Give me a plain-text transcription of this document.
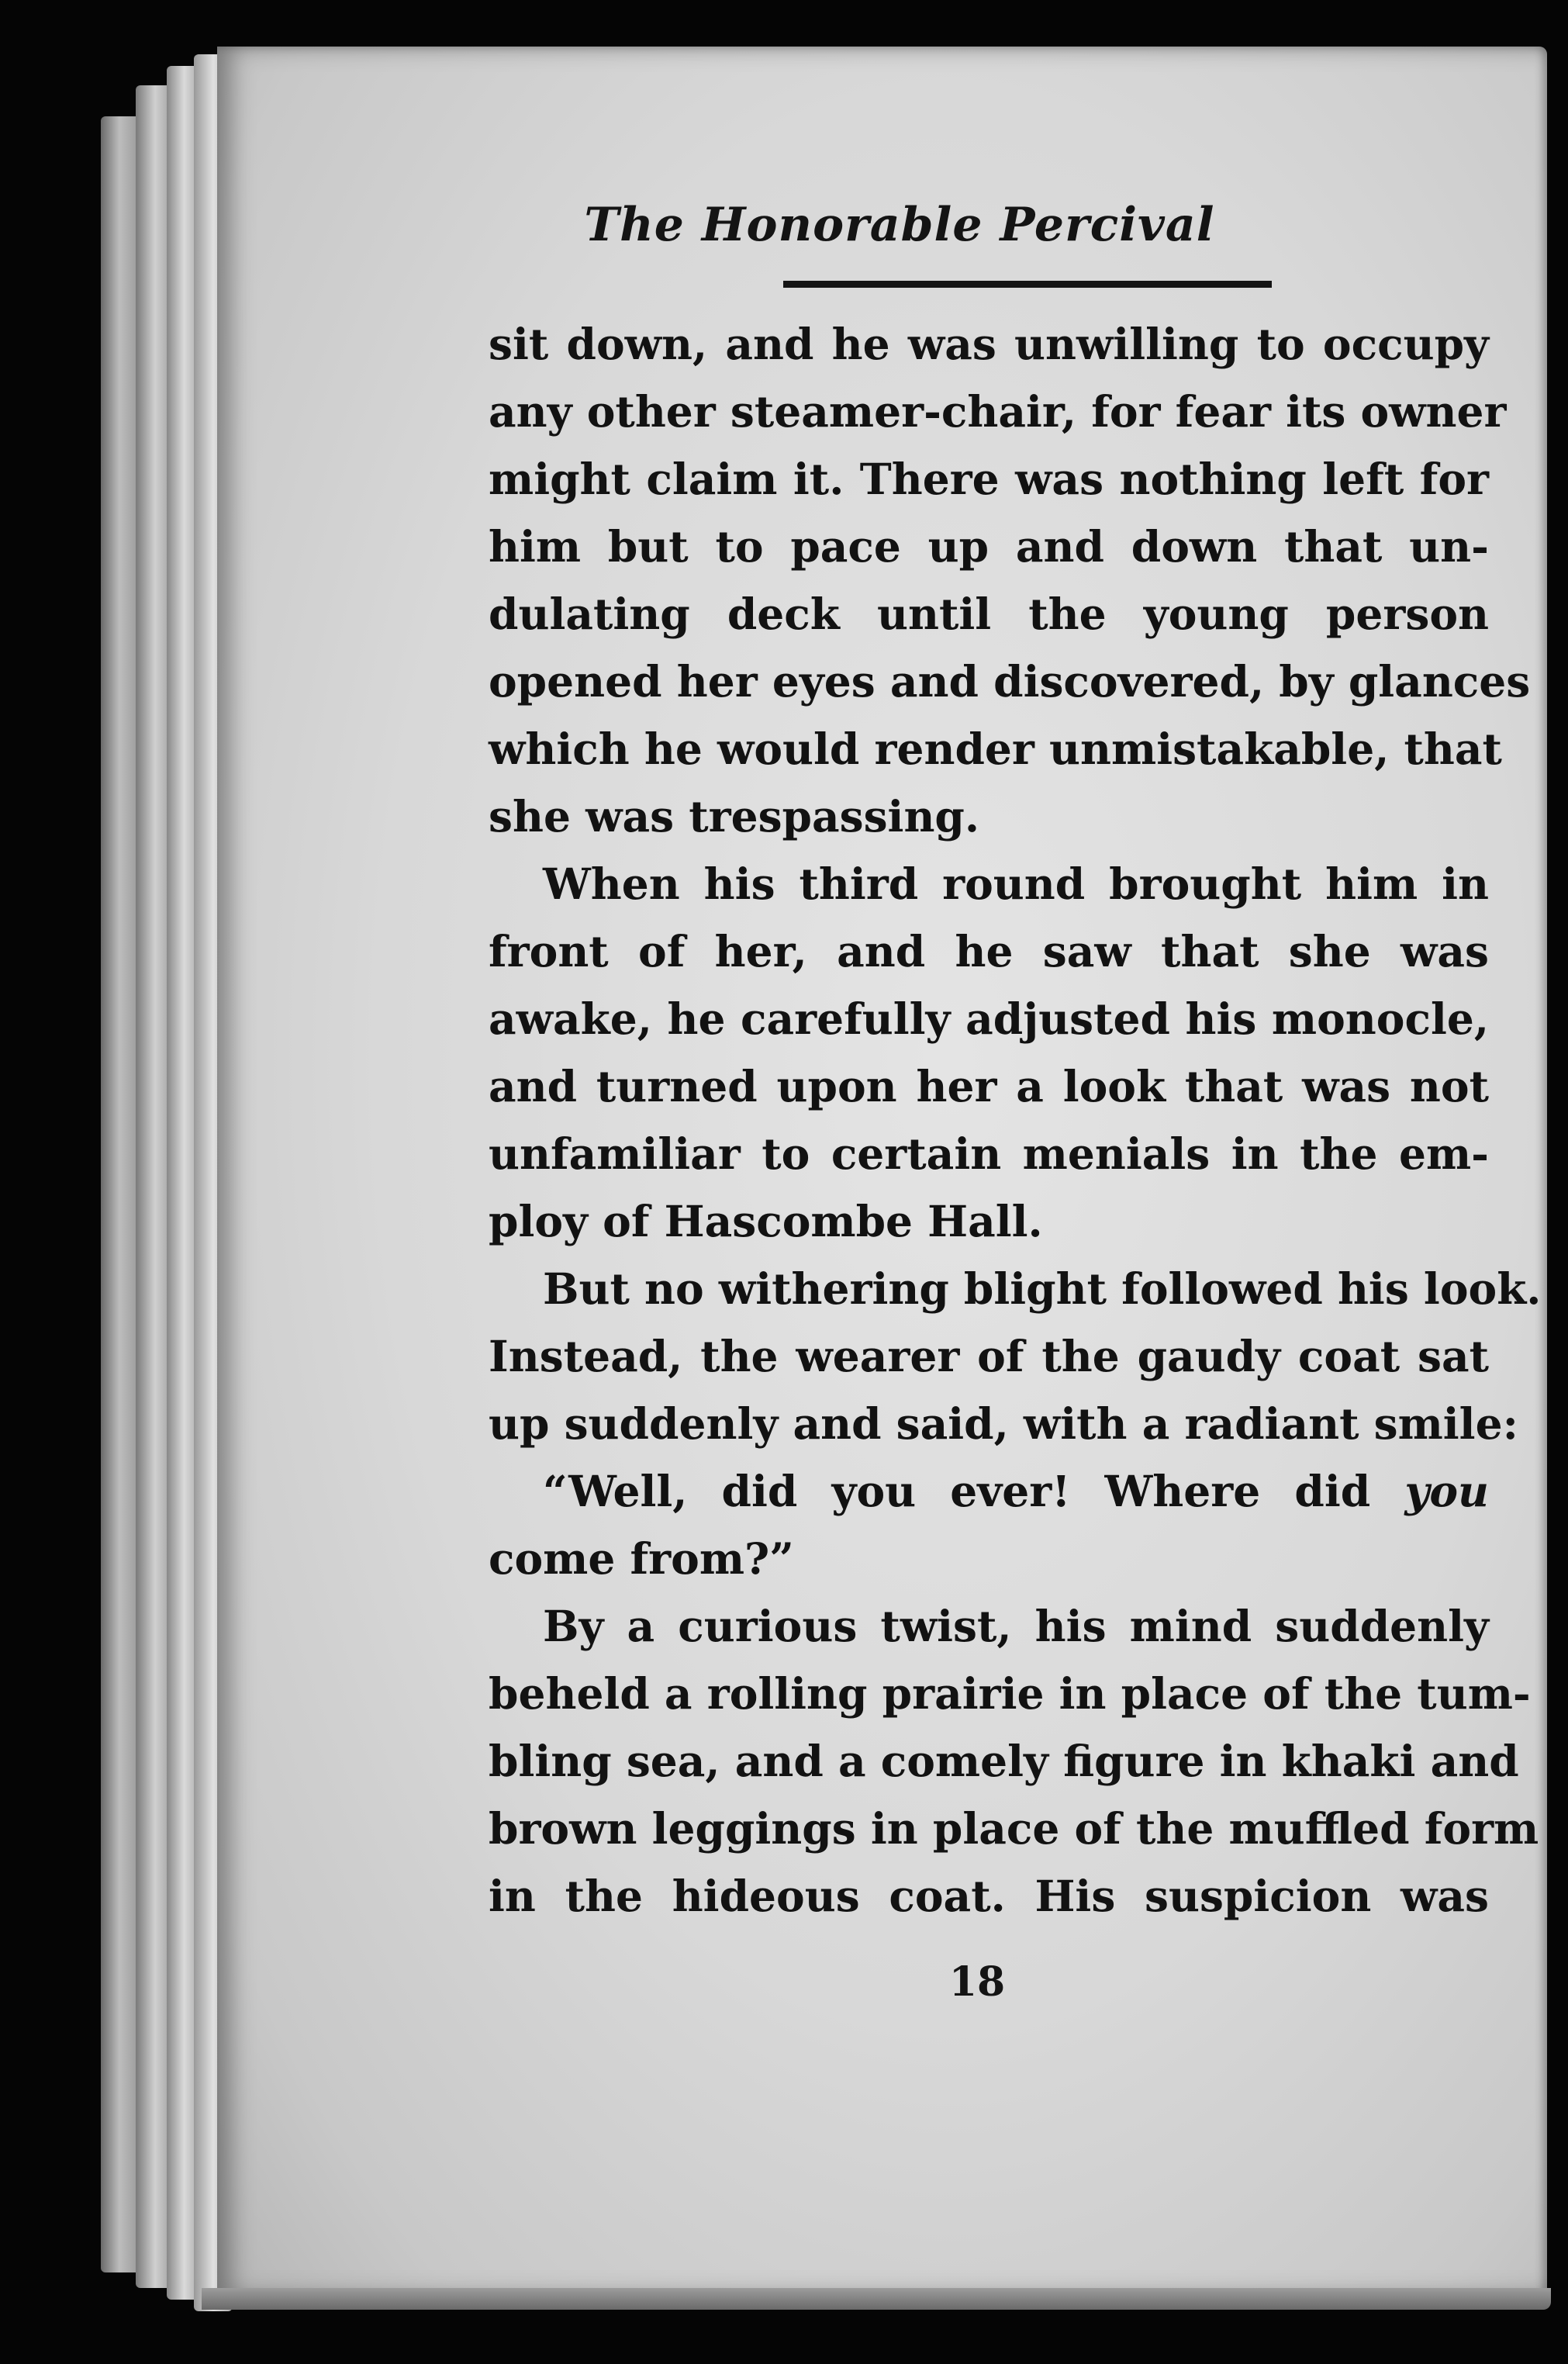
The Honorable Percival
sit down, and he was unwilling to occupy
any other steamer-chair, for fear its owner
might claim it. There was nothing left for
him but to pace up and down that un-
dulating deck until the young person
opened her eyes and discovered, by glances
which he would render unmistakable, that
she was trespassing.
When his third round brought him in
front of her, and he saw that she was
awake, he carefully adjusted his monocle,
and turned upon her a look that was not
unfamiliar to certain menials in the em-
ploy of Hascombe Hall.
But no withering blight followed his look.
Instead, the wearer of the gaudy coat sat
up suddenly and said, with a radiant smile:
“Well, did you ever! Where did you
come from?”
By a curious twist, his mind suddenly
beheld a rolling prairie in place of the tum-
bling sea, and a comely figure in khaki and
brown leggings in place of the muffled form
in the hideous coat. His suspicion was
18
